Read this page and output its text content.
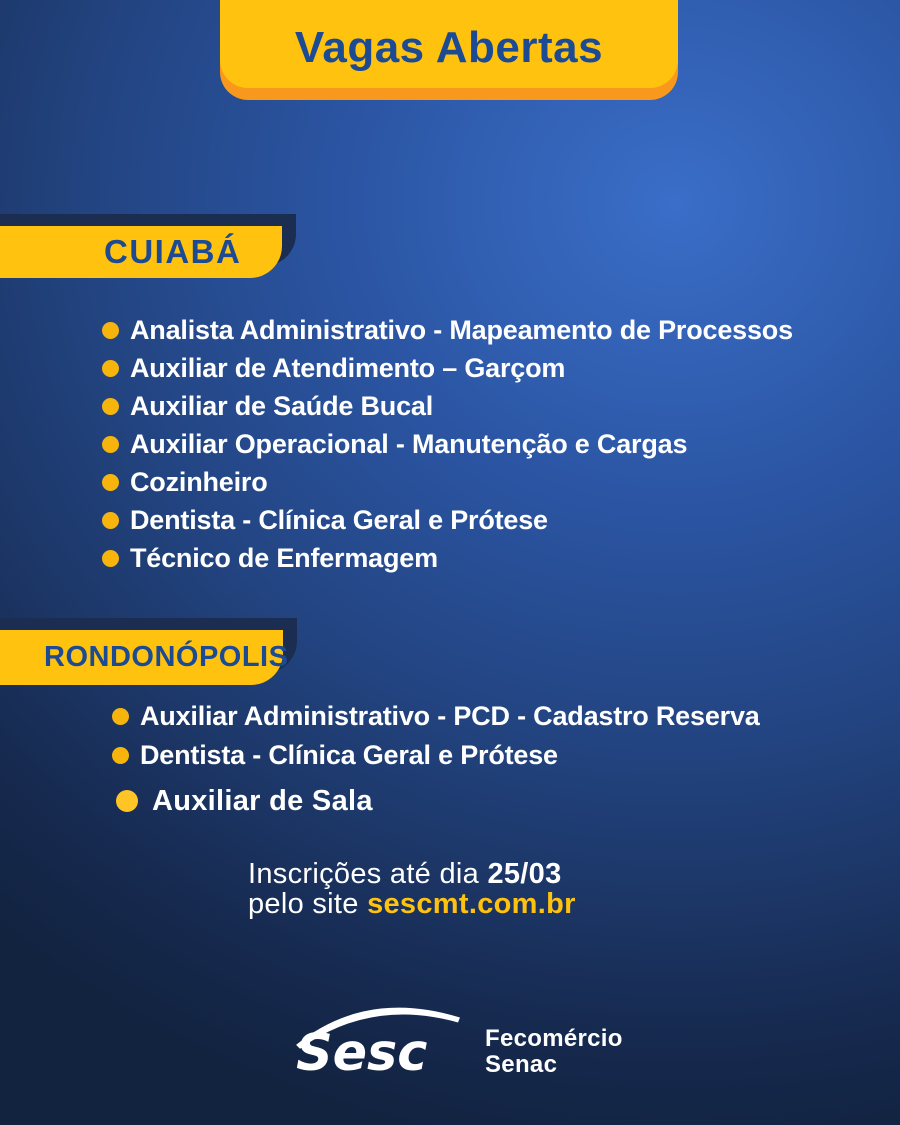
Vagas Abertas
CUIABÁ
Analista Administrativo - Mapeamento de Processos
Auxiliar de Atendimento – Garçom
Auxiliar de Saúde Bucal
Auxiliar Operacional - Manutenção e Cargas
Cozinheiro
Dentista - Clínica Geral e Prótese
Técnico de Enfermagem
RONDONÓPOLIS
Auxiliar Administrativo - PCD - Cadastro Reserva
Dentista - Clínica Geral e Prótese
Auxiliar de Sala
Inscrições até dia 25/03
pelo site sescmt.com.br
Sesc Fecomércio
Senac
